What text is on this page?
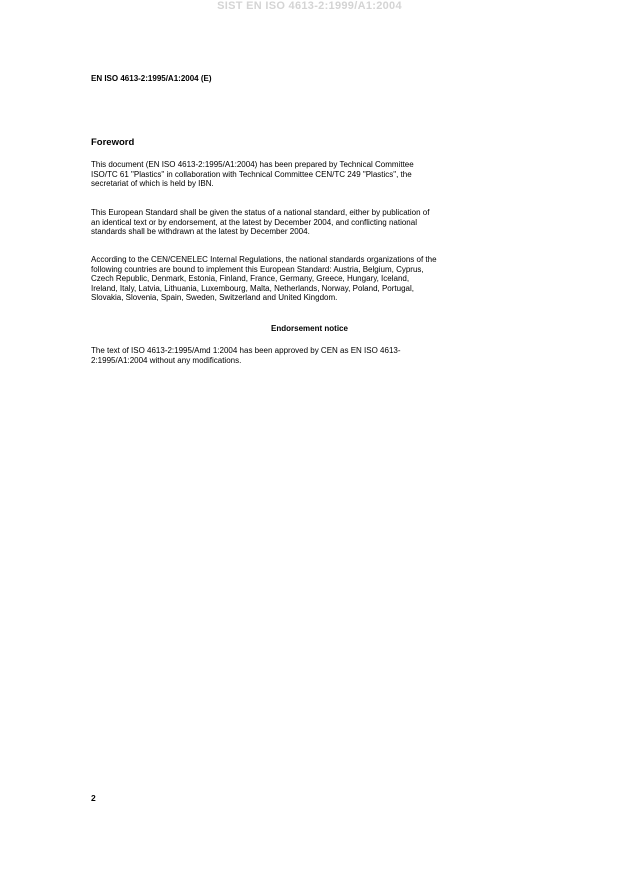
SIST EN ISO 4613-2:1999/A1:2004
EN ISO 4613-2:1995/A1:2004 (E)
Foreword
This document (EN ISO 4613-2:1995/A1:2004) has been prepared by Technical Committee
ISO/TC 61 "Plastics" in collaboration with Technical Committee CEN/TC 249 "Plastics", the
secretariat of which is held by IBN.
This European Standard shall be given the status of a national standard, either by publication of
an identical text or by endorsement, at the latest by December 2004, and conflicting national
standards shall be withdrawn at the latest by December 2004.
According to the CEN/CENELEC Internal Regulations, the national standards organizations of the
following countries are bound to implement this European Standard: Austria, Belgium, Cyprus,
Czech Republic, Denmark, Estonia, Finland, France, Germany, Greece, Hungary, Iceland,
Ireland, Italy, Latvia, Lithuania, Luxembourg, Malta, Netherlands, Norway, Poland, Portugal,
Slovakia, Slovenia, Spain, Sweden, Switzerland and United Kingdom.
Endorsement notice
The text of ISO 4613-2:1995/Amd 1:2004 has been approved by CEN as EN ISO 4613-
2:1995/A1:2004 without any modifications.
2
